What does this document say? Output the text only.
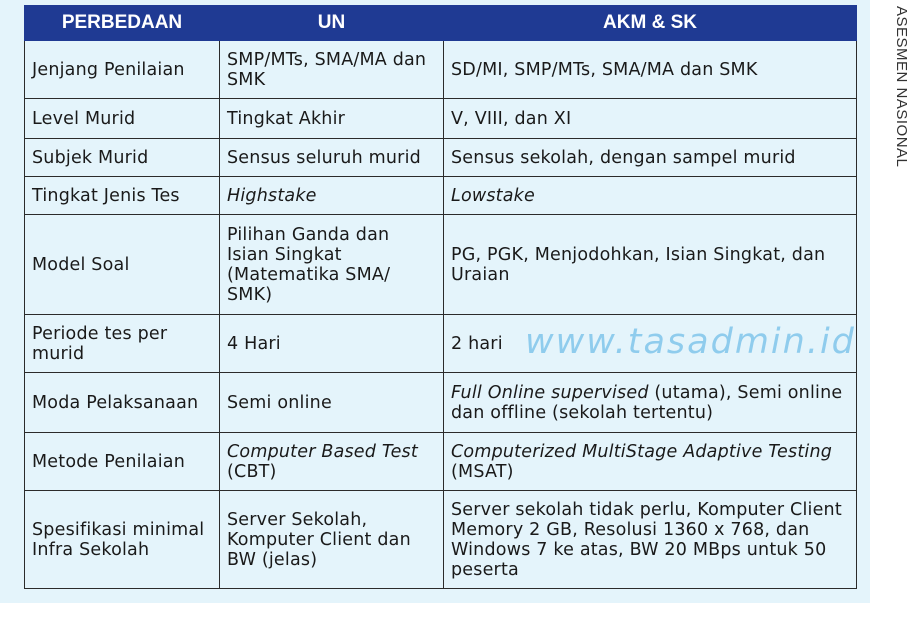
PERBEDAAN	UN	AKM & SK
Jenjang Penilaian	SMP/MTs, SMA/MA dan SMK	SD/MI, SMP/MTs, SMA/MA dan SMK
Level Murid	Tingkat Akhir	V, VIII, dan XI
Subjek Murid	Sensus seluruh murid	Sensus sekolah, dengan sampel murid
Tingkat Jenis Tes	Highstake	Lowstake
Model Soal	Pilihan Ganda dan Isian Singkat (Matematika SMA/ SMK)	PG, PGK, Menjodohkan, Isian Singkat, dan Uraian
Periode tes per murid	4 Hari	2 hari
Moda Pelaksanaan	Semi online	Full Online supervised (utama), Semi online dan offline (sekolah tertentu)
Metode Penilaian	Computer Based Test (CBT)	Computerized MultiStage Adaptive Testing (MSAT)
Spesifikasi minimal Infra Sekolah	Server Sekolah, Komputer Client dan BW (jelas)	Server sekolah tidak perlu, Komputer Client Memory 2 GB, Resolusi 1360 x 768, dan Windows 7 ke atas, BW 20 MBps untuk 50 peserta
www.tasadmin.id
ASESMEN NASIONAL
